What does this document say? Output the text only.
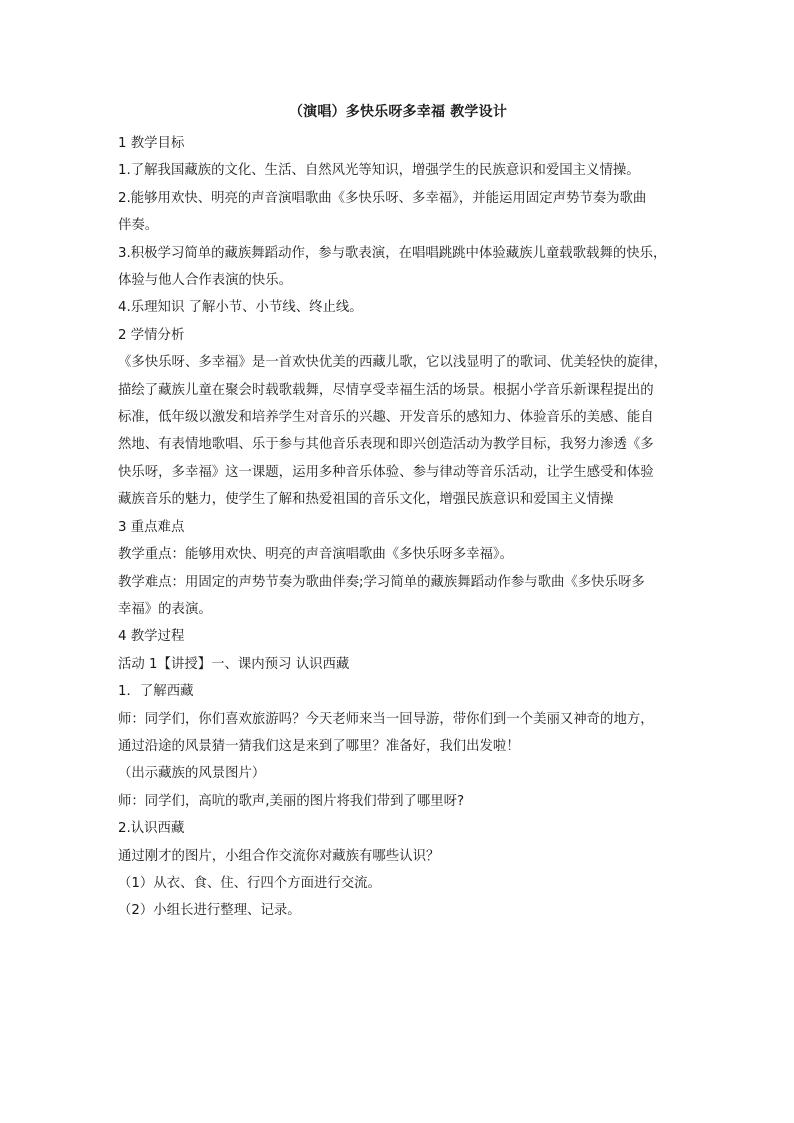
（演唱）多快乐呀多幸福 教学设计

1 教学目标

1.了解我国藏族的文化、生活、自然风光等知识，增强学生的民族意识和爱国主义情操。

2.能够用欢快、明亮的声音演唱歌曲《多快乐呀、多幸福》，并能运用固定声势节奏为歌曲

伴奏。

3.积极学习简单的藏族舞蹈动作，参与歌表演，在唱唱跳跳中体验藏族儿童载歌载舞的快乐，

体验与他人合作表演的快乐。

4.乐理知识 了解小节、小节线、终止线。

2 学情分析

《多快乐呀、多幸福》是一首欢快优美的西藏儿歌，它以浅显明了的歌词、优美轻快的旋律，

描绘了藏族儿童在聚会时载歌载舞，尽情享受幸福生活的场景。根据小学音乐新课程提出的

标准，低年级以激发和培养学生对音乐的兴趣、开发音乐的感知力、体验音乐的美感、能自

然地、有表情地歌唱、乐于参与其他音乐表现和即兴创造活动为教学目标，我努力渗透《多

快乐呀，多幸福》这一课题，运用多种音乐体验、参与律动等音乐活动，让学生感受和体验

藏族音乐的魅力，使学生了解和热爱祖国的音乐文化，增强民族意识和爱国主义情操

3 重点难点

教学重点：能够用欢快、明亮的声音演唱歌曲《多快乐呀多幸福》。

教学难点：用固定的声势节奏为歌曲伴奏;学习简单的藏族舞蹈动作参与歌曲《多快乐呀多

幸福》的表演。

4 教学过程

活动 1【讲授】一、课内预习 认识西藏

1．了解西藏

师：同学们，你们喜欢旅游吗？今天老师来当一回导游，带你们到一个美丽又神奇的地方，

通过沿途的风景猜一猜我们这是来到了哪里？准备好，我们出发啦！

（出示藏族的风景图片）

师：同学们，高吭的歌声,美丽的图片将我们带到了哪里呀?

2.认识西藏

通过刚才的图片，小组合作交流你对藏族有哪些认识？

（1）从衣、食、住、行四个方面进行交流。

（2）小组长进行整理、记录。
